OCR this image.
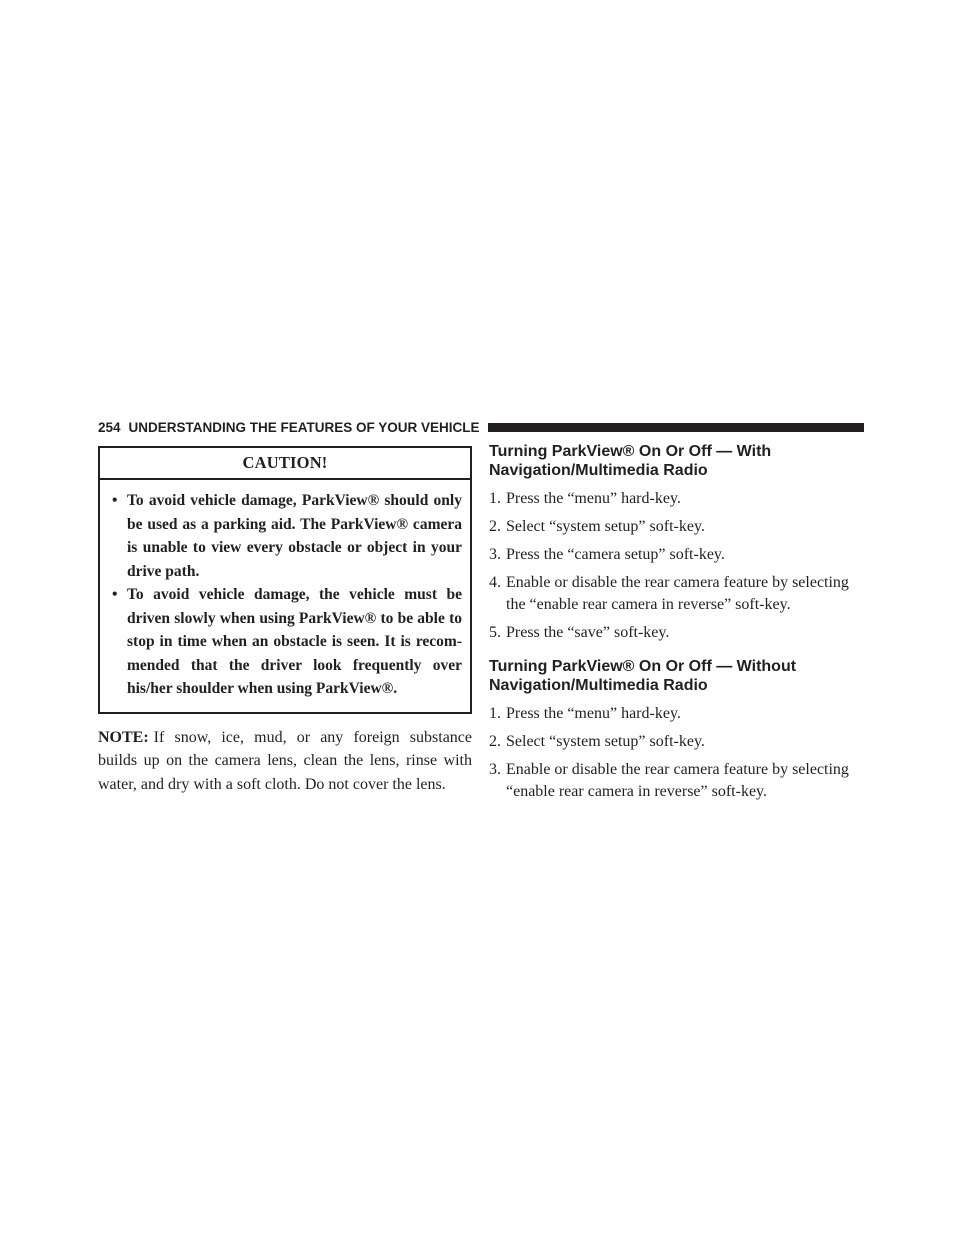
254 UNDERSTANDING THE FEATURES OF YOUR VEHICLE
CAUTION!
• To avoid vehicle damage, ParkView® should only be used as a parking aid. The ParkView® camera is unable to view every obstacle or object in your drive path.
• To avoid vehicle damage, the vehicle must be driven slowly when using ParkView® to be able to stop in time when an obstacle is seen. It is recom-mended that the driver look frequently over his/her shoulder when using ParkView®.

NOTE: If snow, ice, mud, or any foreign substance builds up on the camera lens, clean the lens, rinse with water, and dry with a soft cloth. Do not cover the lens.

Turning ParkView® On Or Off — With
Navigation/Multimedia Radio
1. Press the “menu” hard-key.
2. Select “system setup” soft-key.
3. Press the “camera setup” soft-key.
4. Enable or disable the rear camera feature by selecting the “enable rear camera in reverse” soft-key.
5. Press the “save” soft-key.
Turning ParkView® On Or Off — Without
Navigation/Multimedia Radio
1. Press the “menu” hard-key.
2. Select “system setup” soft-key.
3. Enable or disable the rear camera feature by selecting “enable rear camera in reverse” soft-key.
